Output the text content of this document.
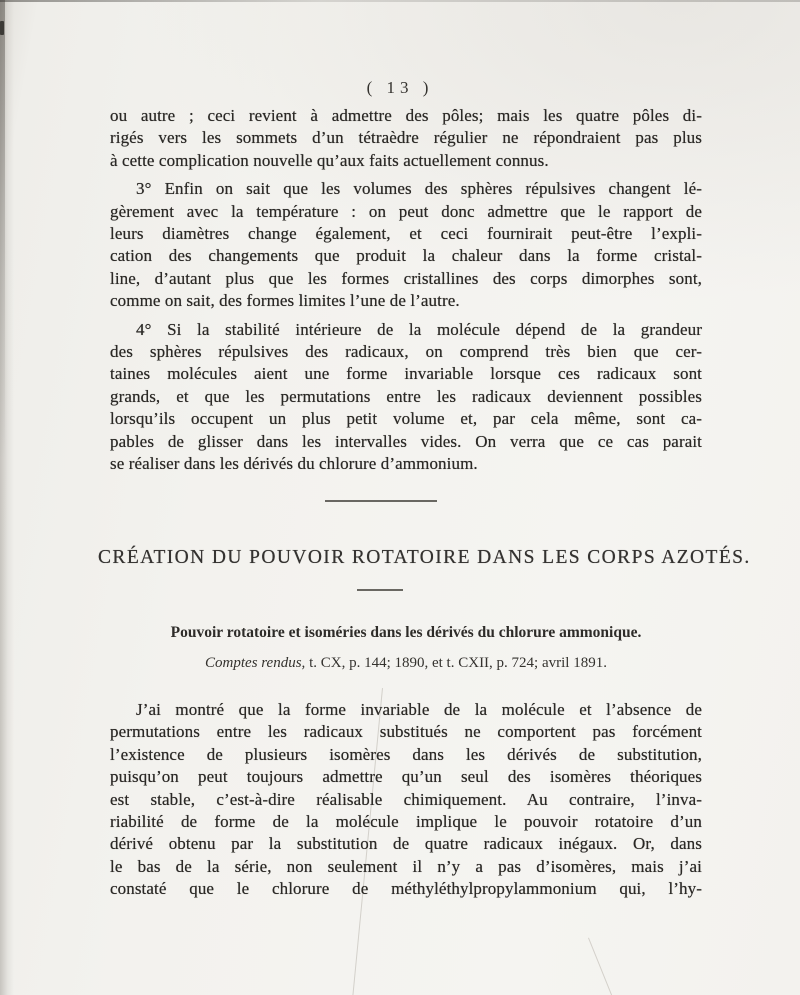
( 13 )
ou autre ; ceci revient à admettre des pôles; mais les quatre pôles di-
rigés vers les sommets d’un tétraèdre régulier ne répondraient pas plus
à cette complication nouvelle qu’aux faits actuellement connus.
3° Enfin on sait que les volumes des sphères répulsives changent lé-
gèrement avec la température : on peut donc admettre que le rapport de
leurs diamètres change également, et ceci fournirait peut-être l’expli-
cation des changements que produit la chaleur dans la forme cristal-
line, d’autant plus que les formes cristallines des corps dimorphes sont,
comme on sait, des formes limites l’une de l’autre.
4° Si la stabilité intérieure de la molécule dépend de la grandeur
des sphères répulsives des radicaux, on comprend très bien que cer-
taines molécules aient une forme invariable lorsque ces radicaux sont
grands, et que les permutations entre les radicaux deviennent possibles
lorsqu’ils occupent un plus petit volume et, par cela même, sont ca-
pables de glisser dans les intervalles vides. On verra que ce cas parait
se réaliser dans les dérivés du chlorure d’ammonium.
CRÉATION DU POUVOIR ROTATOIRE DANS LES CORPS AZOTÉS.
Pouvoir rotatoire et isoméries dans les dérivés du chlorure ammonique.
Comptes rendus, t. CX, p. 144; 1890, et t. CXII, p. 724; avril 1891.
J’ai montré que la forme invariable de la molécule et l’absence de
permutations entre les radicaux substitués ne comportent pas forcément
l’existence de plusieurs isomères dans les dérivés de substitution,
puisqu’on peut toujours admettre qu’un seul des isomères théoriques
est stable, c’est-à-dire réalisable chimiquement. Au contraire, l’inva-
riabilité de forme de la molécule implique le pouvoir rotatoire d’un
dérivé obtenu par la substitution de quatre radicaux inégaux. Or, dans
le bas de la série, non seulement il n’y a pas d’isomères, mais j’ai
constaté que le chlorure de méthyléthylpropylammonium qui, l’hy-
